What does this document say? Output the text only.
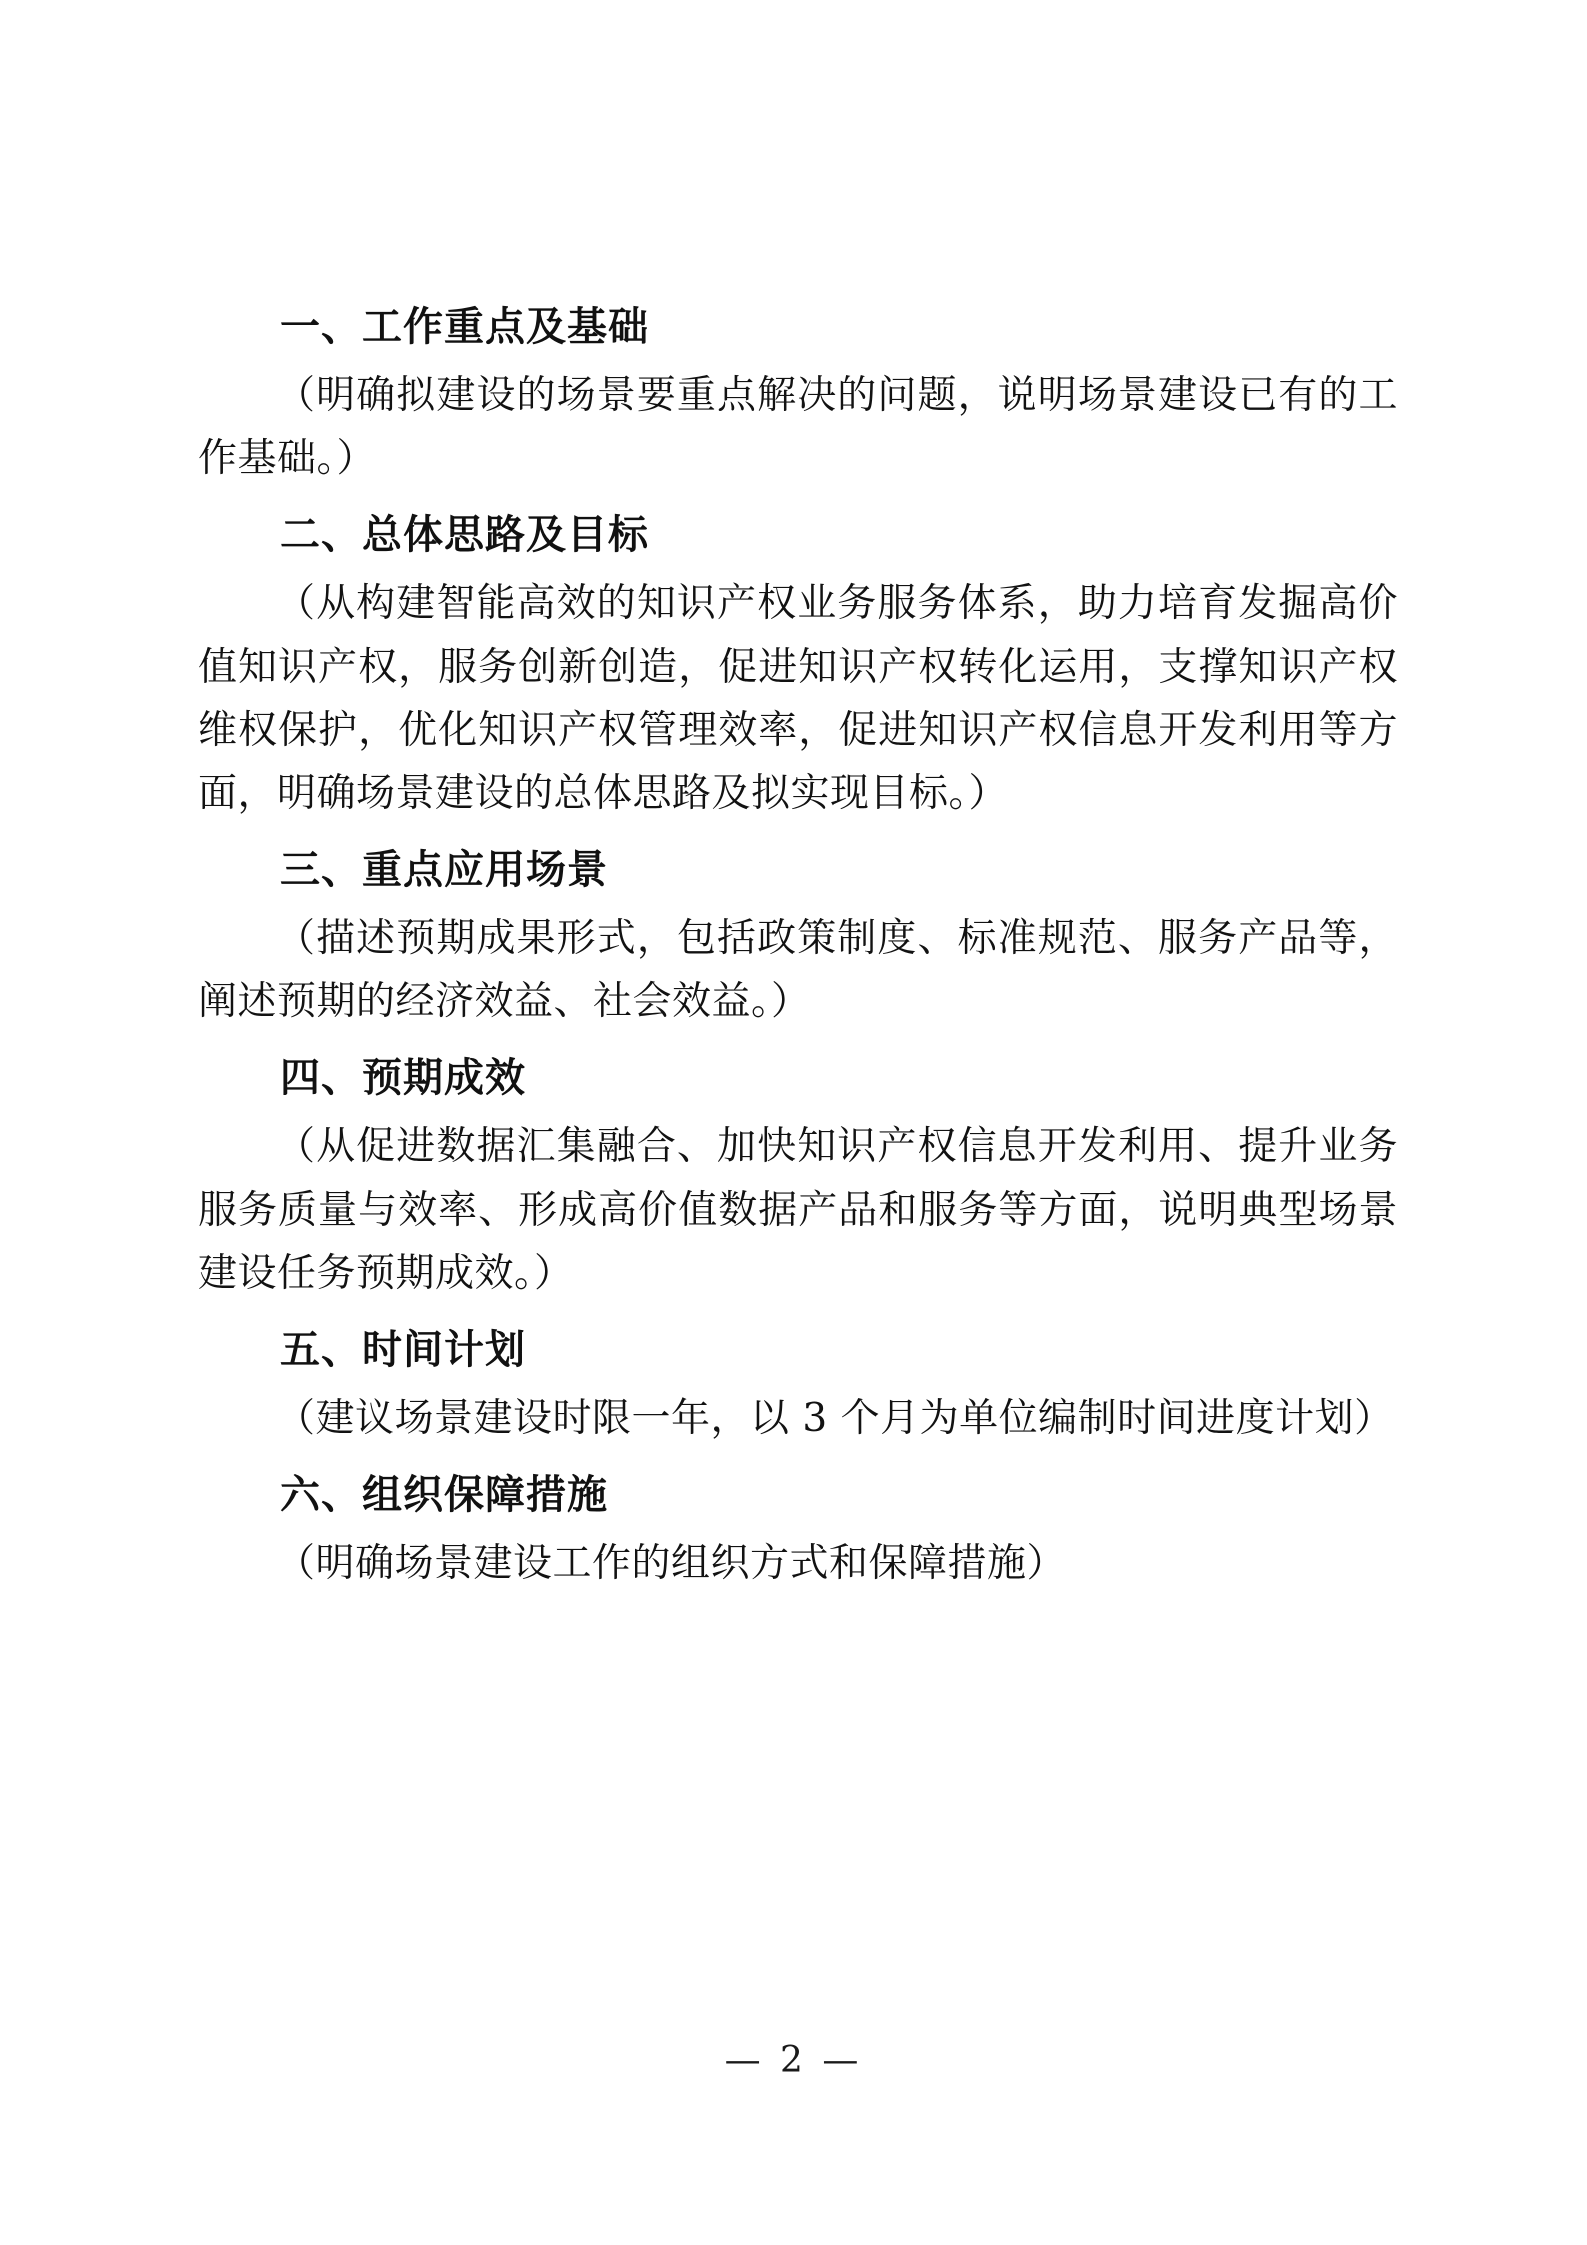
一、工作重点及基础
（明确拟建设的场景要重点解决的问题，说明场景建设已有的工作基础。）
二、总体思路及目标
（从构建智能高效的知识产权业务服务体系，助力培育发掘高价值知识产权，服务创新创造，促进知识产权转化运用，支撑知识产权维权保护，优化知识产权管理效率，促进知识产权信息开发利用等方面，明确场景建设的总体思路及拟实现目标。）
三、重点应用场景
（描述预期成果形式，包括政策制度、标准规范、服务产品等，阐述预期的经济效益、社会效益。）
四、预期成效
（从促进数据汇集融合、加快知识产权信息开发利用、提升业务服务质量与效率、形成高价值数据产品和服务等方面，说明典型场景建设任务预期成效。）
五、时间计划
（建议场景建设时限一年，以 3 个月为单位编制时间进度计划）
六、组织保障措施
（明确场景建设工作的组织方式和保障措施）
— 2 —
